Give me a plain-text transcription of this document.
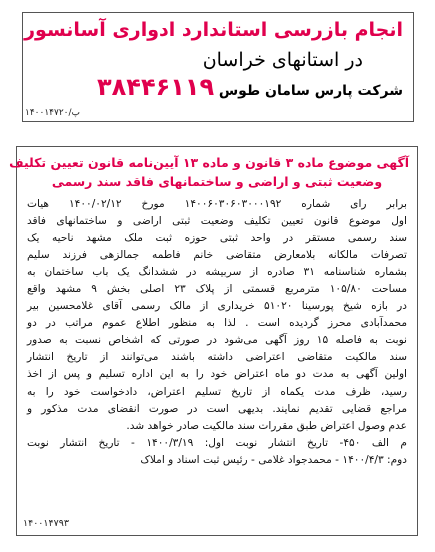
انجام بازرسی استاندارد ادواری آسانسور
در استانهای خراسان
۳۸۴۴۶۱۱۹ شرکت پارس سامان طوس
۱۴۰۰۱۴۷۲۰/پ
آگهی موضوع ماده ۳ قانون و ماده ۱۳ آیین‌نامه قانون تعیین تکلیف
وضعیت ثبتی و اراضی و ساختمانهای فاقد سند رسمی
برابر رای شماره ۱۴۰۰۶۰۳۰۶۰۳۰۰۰۱۹۲ مورخ ۱۴۰۰/۰۲/۱۲ هیات
اول موضوع قانون تعیین تکلیف وضعیت ثبتی اراضی و ساختمانهای فاقد
سند رسمی مستقر در واحد ثبتی حوزه ثبت ملک مشهد ناحیه یک
تصرفات مالکانه بلامعارض متقاضی خانم فاطمه جمالزهی فرزند سلیم
بشماره شناسنامه ۳۱ صادره از سربیشه در ششدانگ یک باب ساختمان به
مساحت ۱۰۵/۸۰ مترمربع قسمتی از پلاک ۲۳ اصلی بخش ۹ مشهد واقع
در بازه شیخ پورسینا ۵۱۰۲۰ خریداری از مالک رسمی آقای غلامحسین بیر
محمدآبادی محرز گردیده است . لذا به منظور اطلاع عموم مراتب در دو
نوبت به فاصله ۱۵ روز آگهی می‌شود در صورتی که اشخاص نسبت به صدور
سند مالکیت متقاضی اعتراضی داشته باشند می‌توانند از تاریخ انتشار
اولین آگهی به مدت دو ماه اعتراض خود را به این اداره تسلیم و پس از اخذ
رسید، ظرف مدت یکماه از تاریخ تسلیم اعتراض، دادخواست خود را به
مراجع قضایی تقدیم نمایند. بدیهی است در صورت انقضای مدت مذکور و
عدم وصول اعتراض طبق مقررات سند مالکیت صادر خواهد شد.
م الف ۴۵۰- تاریخ انتشار نوبت اول: ۱۴۰۰/۳/۱۹ - تاریخ انتشار نوبت
دوم: ۱۴۰۰/۴/۳ - محمدجواد غلامی - رئیس ثبت اسناد و املاک
۱۴۰۰۱۴۷۹۳
